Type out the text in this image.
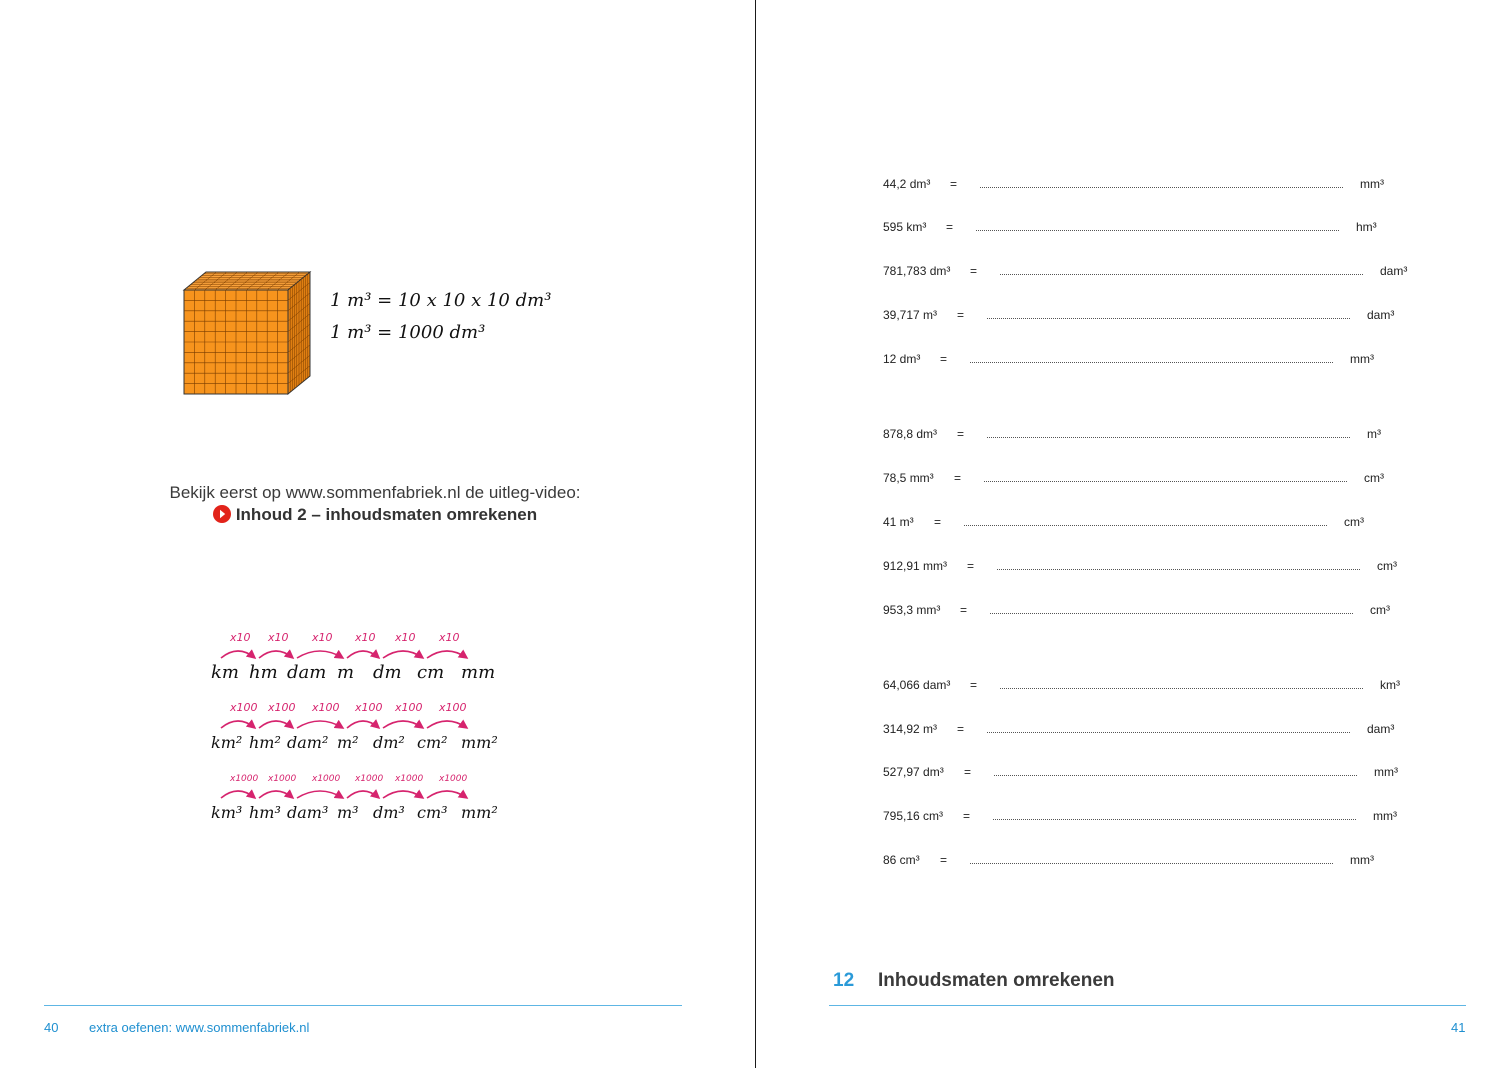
1 m³ = 10 x 10 x 10 dm³
1 m³ = 1000 dm³
Bekijk eerst op www.sommenfabriek.nl de uitleg-video:
Inhoud 2 – inhoudsmaten omrekenen
km
x10
hm
x10
dam
x10
m
x10
dm
x10
cm
x10
mm
km²
x100
hm²
x100
dam²
x100
m²
x100
dm²
x100
cm²
x100
mm²
km³
x1000
hm³
x1000
dam³
x1000
m³
x1000
dm³
x1000
cm³
x1000
mm²
40 extra oefenen: www.sommenfabriek.nl
44,2 dm³ =	mm³
595 km³ =	hm³
781,783 dm³ =	dam³
39,717 m³ =	dam³
12 dm³ =	mm³
878,8 dm³ =	m³
78,5 mm³ =	cm³
41 m³ =	cm³
912,91 mm³ =	cm³
953,3 mm³ =	cm³
64,066 dam³ =	km³
314,92 m³ =	dam³
527,97 dm³ =	mm³
795,16 cm³ =	mm³
86 cm³ =	mm³
12 Inhoudsmaten omrekenen
41
